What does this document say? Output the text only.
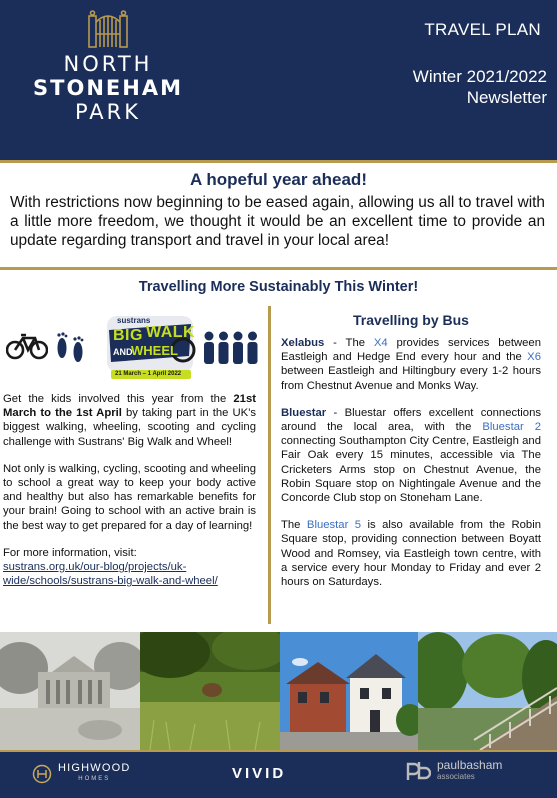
NORTH
STONEHAM
PARK
TRAVEL PLAN
Winter 2021/2022
Newsletter
A hopeful year ahead!
With restrictions now beginning to be eased again, allowing us all to travel with a little more freedom, we thought it would be an excellent time to provide an update regarding transport and travel in your local area!
Travelling More Sustainably This Winter!
sustrans
BIG WALK
AND
WHEEL
21 March – 1 April 2022

Get the kids involved this year from the 21st March to the 1st April by taking part in the UK's biggest walking, wheeling, scooting and cycling challenge with Sustrans' Big Walk and Wheel!

Not only is walking, cycling, scooting and wheeling to school a great way to keep your body active and healthy but also has remarkable benefits for your brain! Going to school with an active brain is the best way to get prepared for a day of learning!

For more information, visit:
sustrans.org.uk/our-blog/projects/uk-wide/schools/sustrans-big-walk-and-wheel/

Travelling by Bus

Xelabus - The X4 provides services between Eastleigh and Hedge End every hour and the X6 between Eastleigh and Hiltingbury every 1-2 hours from Chestnut Avenue and Monks Way.

Bluestar - Bluestar offers excellent connections around the local area, with the Bluestar 2 connecting Southampton City Centre, Eastleigh and Fair Oak every 15 minutes, accessible via The Cricketers Arms stop on Chestnut Avenue, the Robin Square stop on Nightingale Avenue and the Concorde Club stop on Stoneham Lane.

The Bluestar 5 is also available from the Robin Square stop, providing connection between Boyatt Wood and Romsey, via Eastleigh town centre, with a service every hour Monday to Friday and ever 2 hours on Saturdays.

HIGHWOOD
HOMES	VIVID	paulbasham
associates
